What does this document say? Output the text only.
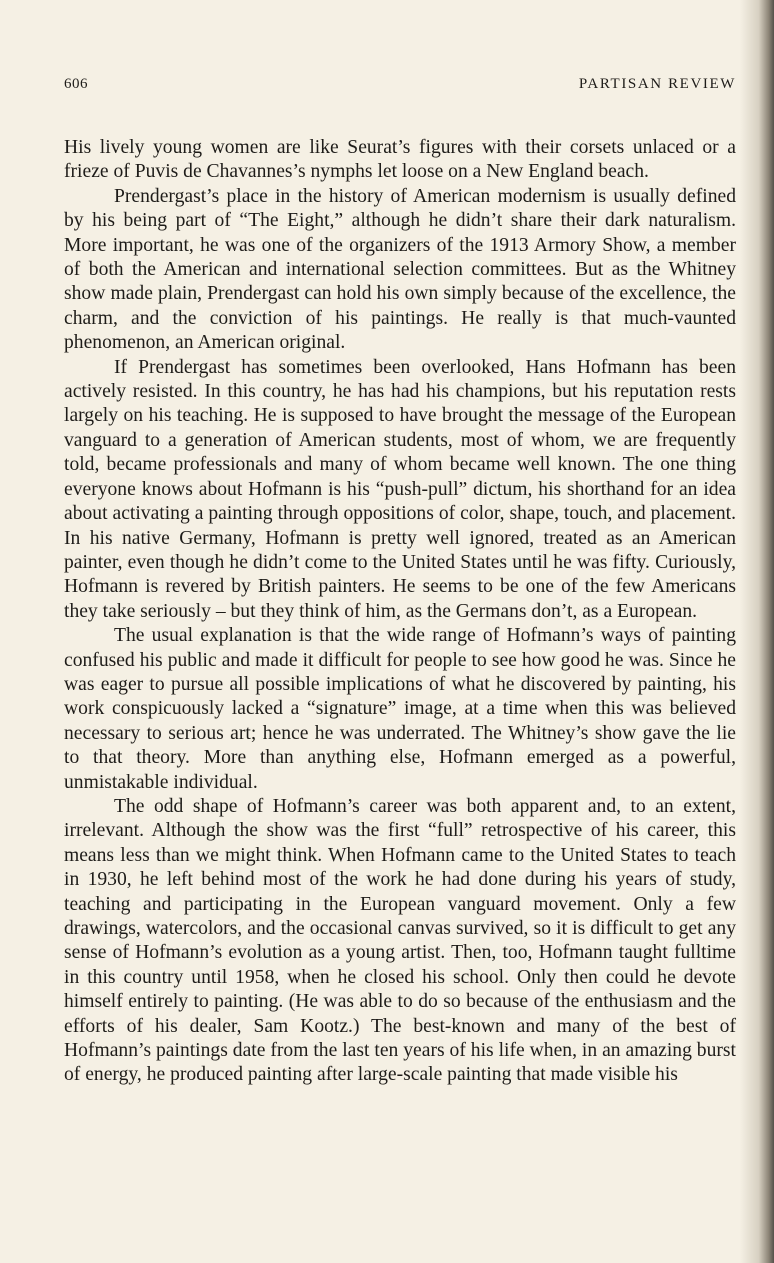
606	PARTISAN REVIEW

His lively young women are like Seurat’s figures with their corsets unlaced or a frieze of Puvis de Chavannes’s nymphs let loose on a New England beach.

Prendergast’s place in the history of American modernism is usually defined by his being part of “The Eight,” although he didn’t share their dark naturalism. More important, he was one of the organizers of the 1913 Armory Show, a member of both the American and international selection committees. But as the Whitney show made plain, Prendergast can hold his own simply because of the excellence, the charm, and the conviction of his paintings. He really is that much-vaunted phenomenon, an American original.

If Prendergast has sometimes been overlooked, Hans Hofmann has been actively resisted. In this country, he has had his champions, but his reputation rests largely on his teaching. He is supposed to have brought the message of the European vanguard to a generation of American students, most of whom, we are frequently told, became professionals and many of whom became well known. The one thing everyone knows about Hofmann is his “push-pull” dictum, his shorthand for an idea about activating a painting through oppositions of color, shape, touch, and placement. In his native Germany, Hofmann is pretty well ignored, treated as an American painter, even though he didn’t come to the United States until he was fifty. Curiously, Hofmann is revered by British painters. He seems to be one of the few Americans they take seriously – but they think of him, as the Germans don’t, as a European.

The usual explanation is that the wide range of Hofmann’s ways of painting confused his public and made it difficult for people to see how good he was. Since he was eager to pursue all possible implications of what he discovered by painting, his work conspicuously lacked a “signature” image, at a time when this was believed necessary to serious art; hence he was underrated. The Whitney’s show gave the lie to that theory. More than anything else, Hofmann emerged as a powerful, unmistakable individual.

The odd shape of Hofmann’s career was both apparent and, to an extent, irrelevant. Although the show was the first “full” retrospective of his career, this means less than we might think. When Hofmann came to the United States to teach in 1930, he left behind most of the work he had done during his years of study, teaching and participating in the European vanguard movement. Only a few drawings, watercolors, and the occasional canvas survived, so it is difficult to get any sense of Hofmann’s evolution as a young artist. Then, too, Hofmann taught fulltime in this country until 1958, when he closed his school. Only then could he devote himself entirely to painting. (He was able to do so because of the enthusiasm and the efforts of his dealer, Sam Kootz.) The best-known and many of the best of Hofmann’s paintings date from the last ten years of his life when, in an amazing burst of energy, he produced painting after large-scale painting that made visible his
